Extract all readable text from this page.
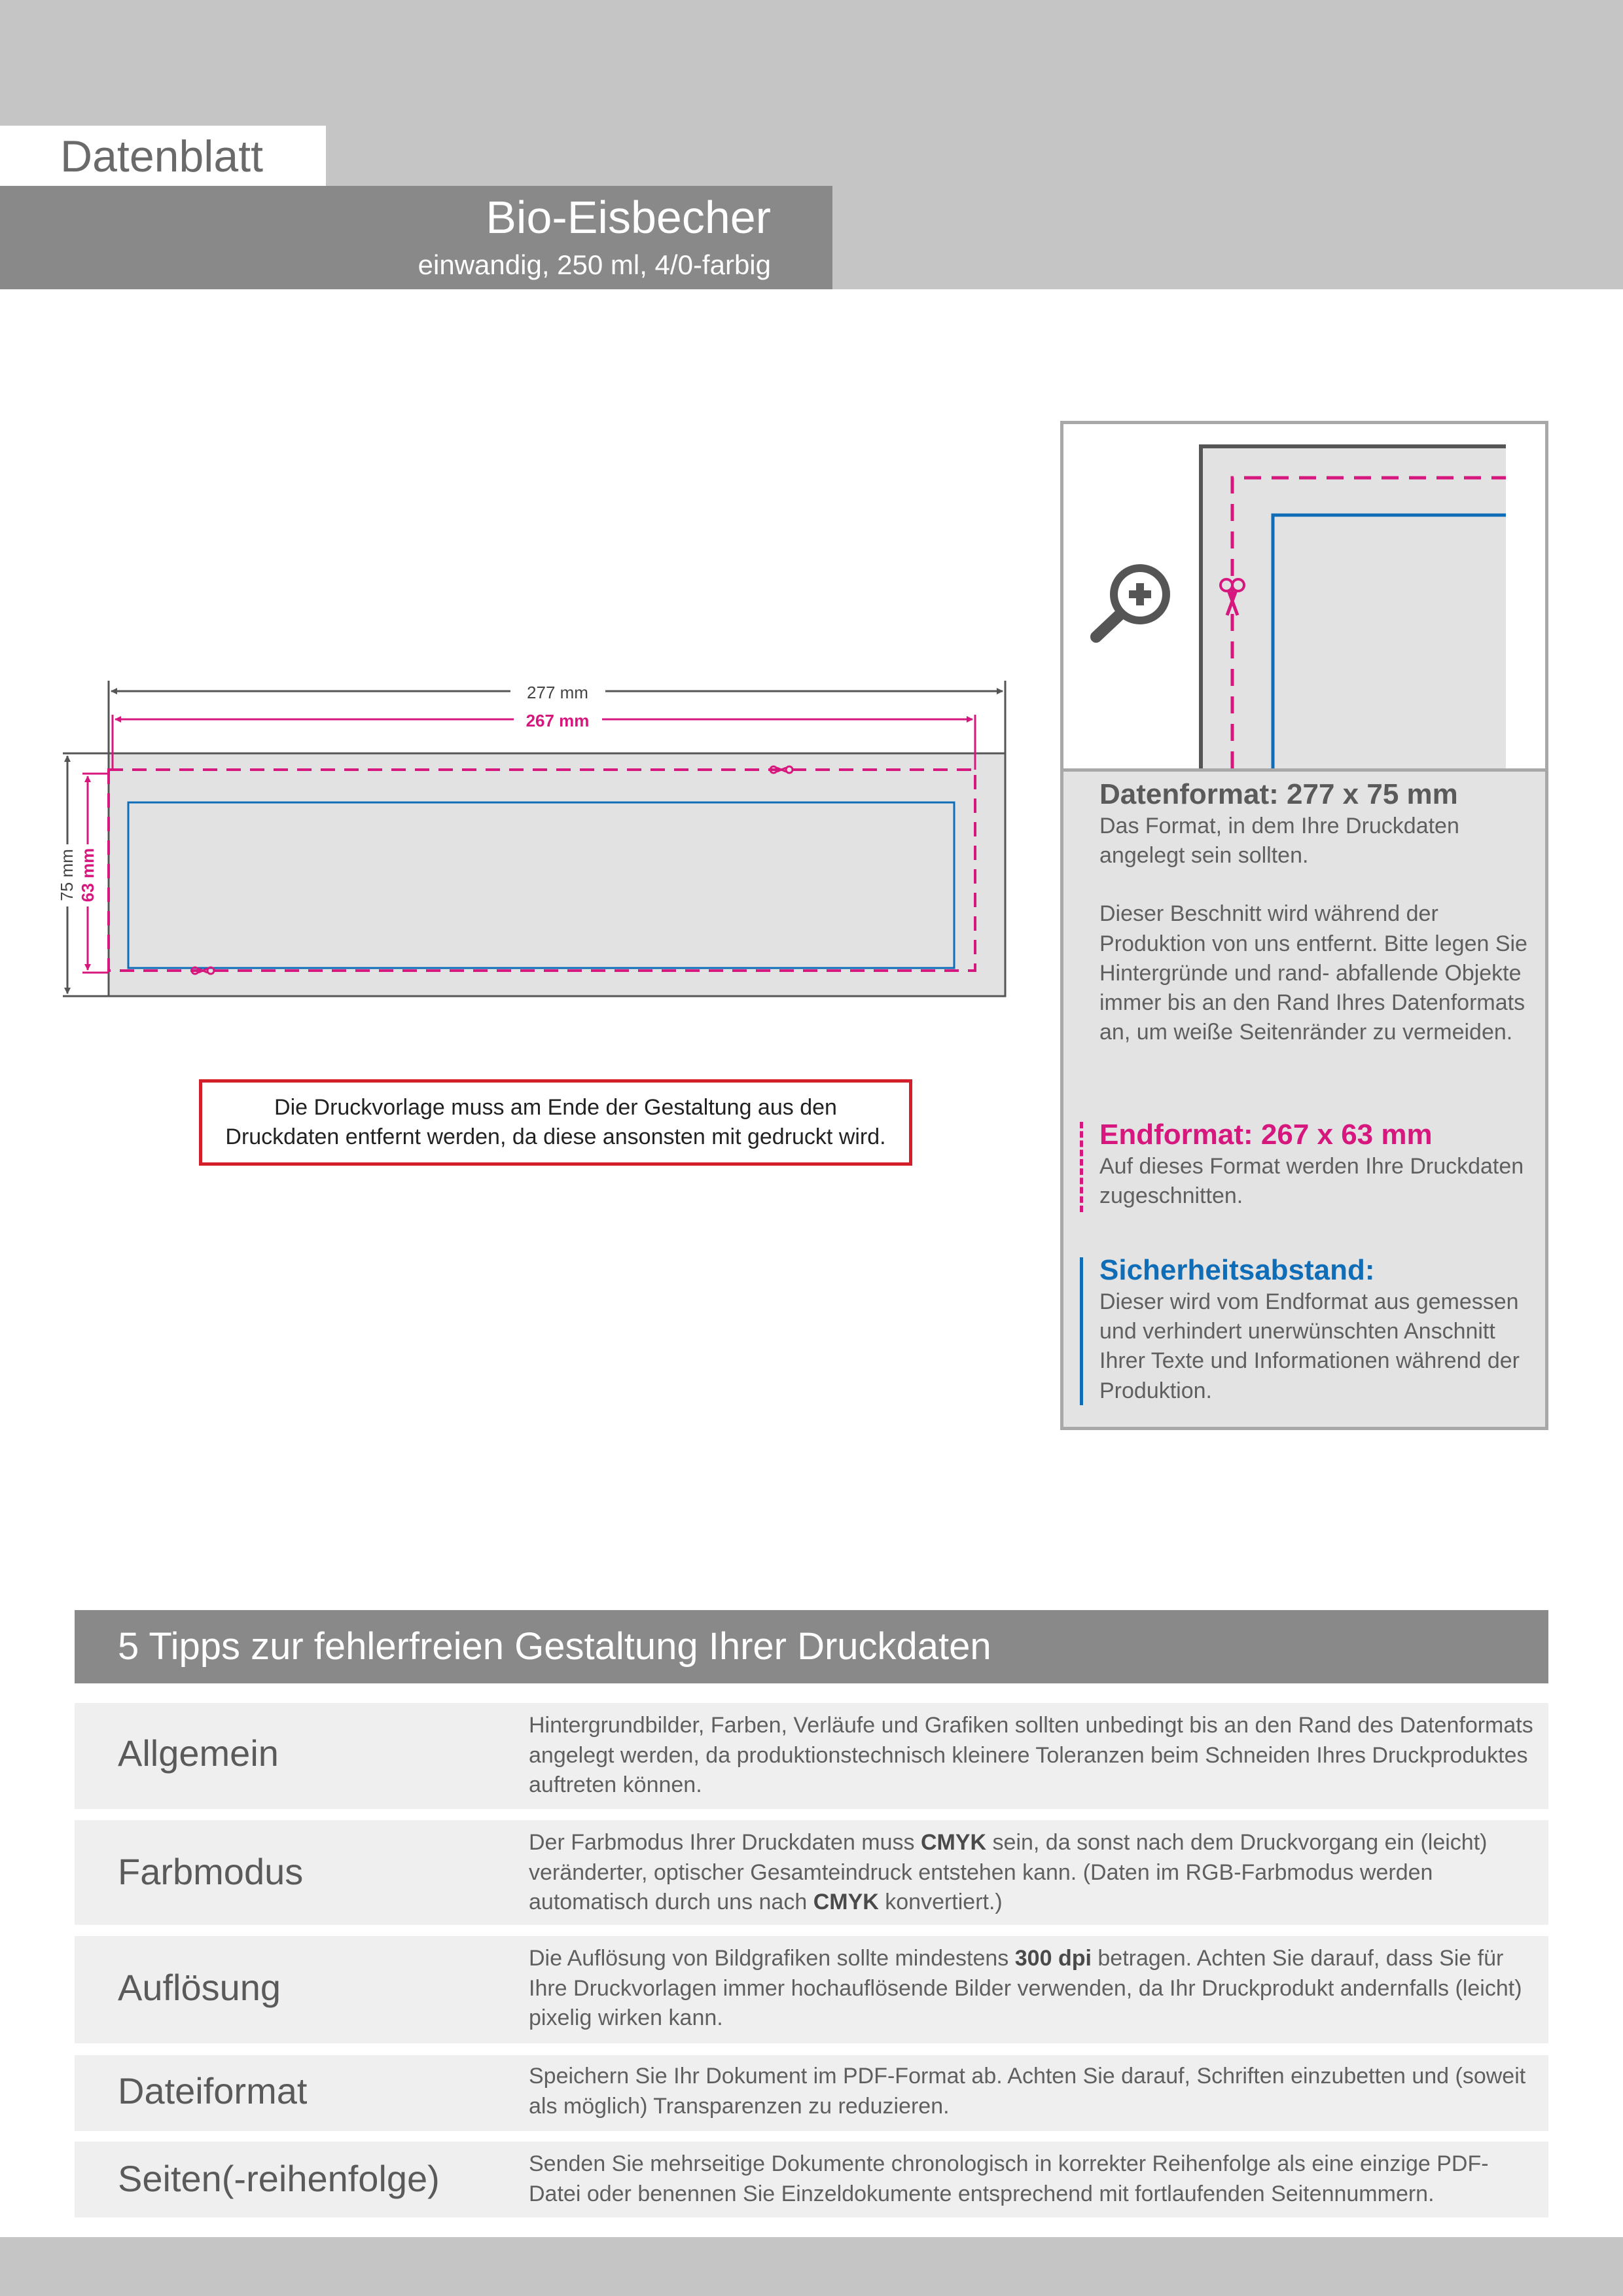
Datenblatt
Bio-Eisbecher
einwandig, 250 ml, 4/0-farbig
277 mm
267 mm
75 mm 63 mm
Die Druckvorlage muss am Ende der Gestaltung aus den Druckdaten entfernt werden, da diese ansonsten mit gedruckt wird.
Datenformat: 277 x 75 mm
Das Format, in dem Ihre Druckdaten angelegt sein sollten.
Dieser Beschnitt wird während der Produktion von uns entfernt. Bitte legen Sie Hintergründe und rand- abfallende Objekte immer bis an den Rand Ihres Datenformats an, um weiße Seitenränder zu vermeiden.
Endformat: 267 x 63 mm
Auf dieses Format werden Ihre Druckdaten zugeschnitten.
Sicherheitsabstand:
Dieser wird vom Endformat aus gemessen und verhindert unerwünschten Anschnitt Ihrer Texte und Informationen während der Produktion.
5 Tipps zur fehlerfreien Gestaltung Ihrer Druckdaten
Allgemein
Hintergrundbilder, Farben, Verläufe und Grafiken sollten unbedingt bis an den Rand des Datenformats angelegt werden, da produktionstechnisch kleinere Toleranzen beim Schneiden Ihres Druckproduktes auftreten können.
Farbmodus
Der Farbmodus Ihrer Druckdaten muss CMYK sein, da sonst nach dem Druckvorgang ein (leicht) veränderter, optischer Gesamteindruck entstehen kann. (Daten im RGB-Farbmodus werden automatisch durch uns nach CMYK konvertiert.)
Auflösung
Die Auflösung von Bildgrafiken sollte mindestens 300 dpi betragen. Achten Sie darauf, dass Sie für Ihre Druckvorlagen immer hochauflösende Bilder verwenden, da Ihr Druckprodukt andernfalls (leicht) pixelig wirken kann.
Dateiformat	Speichern Sie Ihr Dokument im PDF-Format ab. Achten Sie darauf, Schriften einzubetten und (soweit als möglich) Transparenzen zu reduzieren.
Seiten(-reihenfolge)	Senden Sie mehrseitige Dokumente chronologisch in korrekter Reihenfolge als eine einzige PDF-Datei oder benennen Sie Einzeldokumente entsprechend mit fortlaufenden Seitennummern.
